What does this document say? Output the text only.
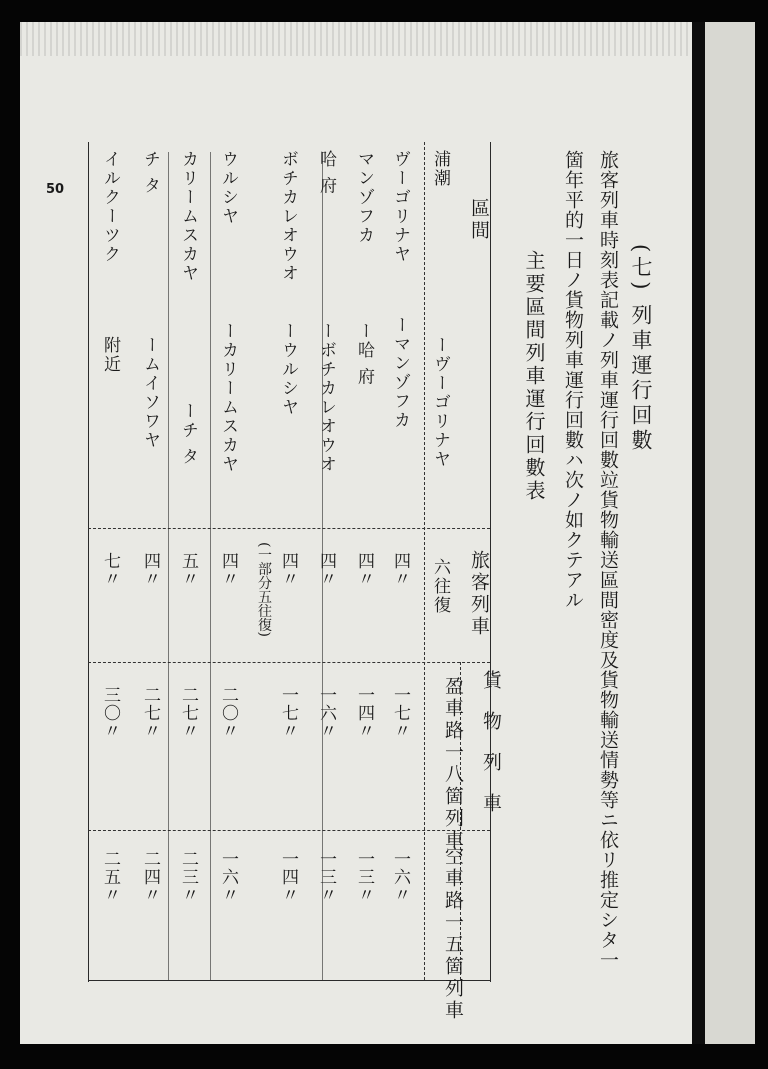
50
(七) 列車運行回數
旅客列車時刻表記載ノ列車運行回數竝貨物輸送區間密度及貨物輸送情勢等ニ依リ推定シタ一
箇年平的一日ノ貨物列車運行回數ハ次ノ如クテアル
主要區間列車運行回數表
區間
旅客列車
貨物列車
盈車路一八箇列車
空車路一五箇列車
浦潮
ーヴーゴリナヤ
六往復
ヴーゴリナヤ
ーマンゾフカ
四〃
一七〃
一六〃
マンゾフカ
ー哈 府
四〃
一四〃
一三〃
哈 府
ーボチカレオウオ
四〃
一六〃
一三〃
ボチカレオウオ
ーウルシヤ
四〃
(一部分五往復)
一七〃
一四〃
ウルシヤ
ーカリームスカヤ
四〃
二〇〃
一六〃
カリームスカヤ
ーチ タ
五〃
二七〃
二三〃
チ タ
ームイソワヤ
四〃
二七〃
二四〃
イルクーツク
附近
七〃
三〇〃
二五〃
